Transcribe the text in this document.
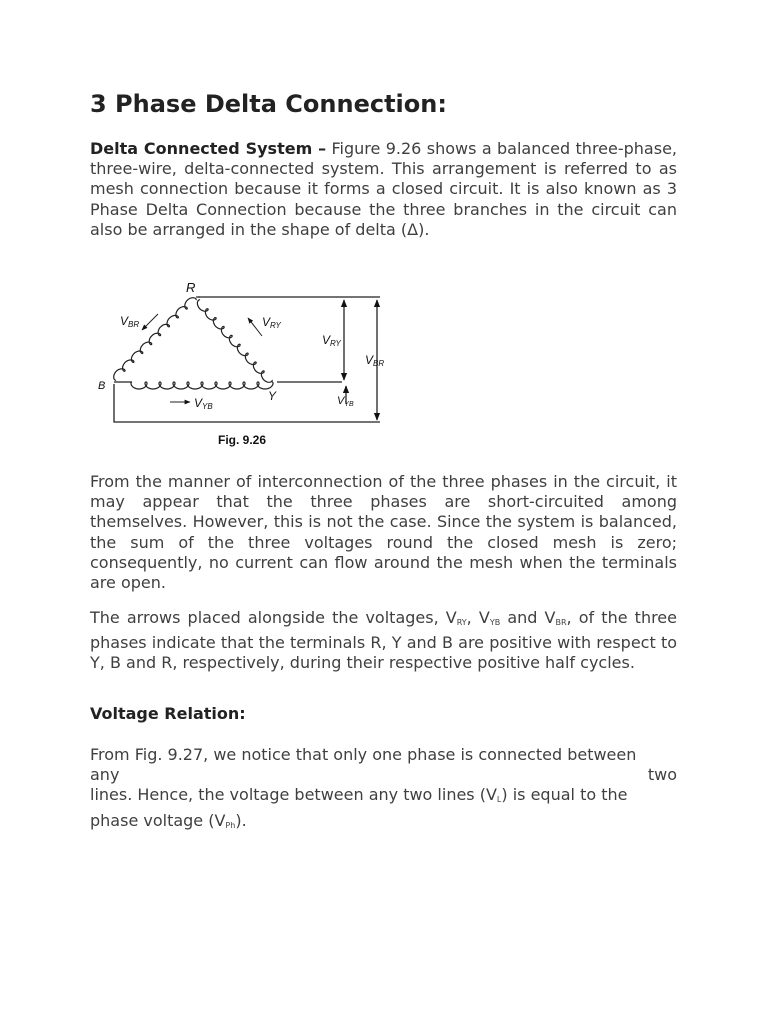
3 Phase Delta Connection:

Delta Connected System – Figure 9.26 shows a balanced three-phase, three-wire, delta-connected system. This arrangement is referred to as mesh connection because it forms a closed circuit. It is also known as 3 Phase Delta Connection because the three branches in the circuit can also be arranged in the shape of delta (Δ).

R
Y
B
VBR	VRY
VYB
VRY
VBR
VYB
Fig. 9.26

From the manner of interconnection of the three phases in the circuit, it may appear that the three phases are short-circuited among themselves. However, this is not the case. Since the system is balanced, the sum of the three voltages round the closed mesh is zero; consequently, no current can flow around the mesh when the terminals are open.

The arrows placed alongside the voltages, $V_{RY}$, $V_{YB}$ and $V_{BR}$, of the three phases indicate that the terminals R, Y and B are positive with respect to Y, B and R, respectively, during their respective positive half cycles.

Voltage Relation:
From Fig. 9.27, we notice that only one phase is connected between
any	two
lines. Hence, the voltage between any two lines $(V_L)$ is equal to the
phase voltage $(V_{Ph})$.
